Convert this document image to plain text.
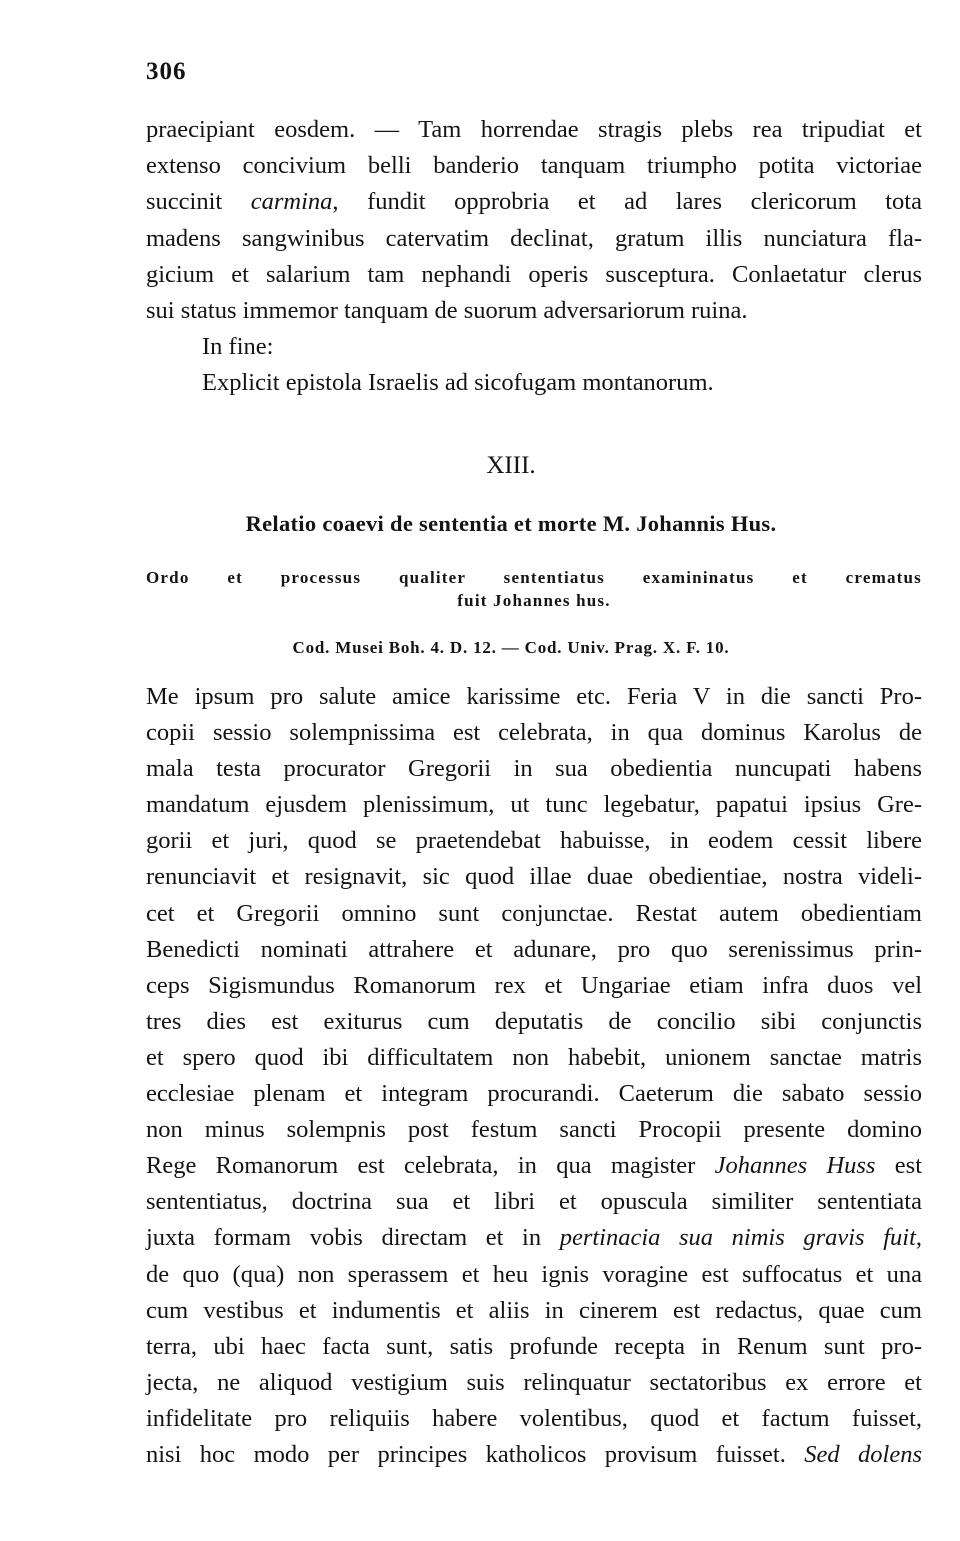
306
praecipiant eosdem. — Tam horrendae stragis plebs rea tripudiat et
extenso concivium belli banderio tanquam triumpho potita victoriae
succinit carmina, fundit opprobria et ad lares clericorum tota
madens sangwinibus catervatim declinat, gratum illis nunciatura fla-
gicium et salarium tam nephandi operis susceptura. Conlaetatur clerus
sui status immemor tanquam de suorum adversariorum ruina.
In fine:
Explicit epistola Israelis ad sicofugam montanorum.
XIII.
Relatio coaevi de sententia et morte M. Johannis Hus.
Cod. Musei Boh. 4. D. 12. — Cod. Univ. Prag. X. F. 10.
Ordo et processus qualiter sententiatus examininatus et crematus
fuit Johannes hus.
Me ipsum pro salute amice karissime etc. Feria V in die sancti Pro-
copii sessio solempnissima est celebrata, in qua dominus Karolus de
mala testa procurator Gregorii in sua obedientia nuncupati habens
mandatum ejusdem plenissimum, ut tunc legebatur, papatui ipsius Gre-
gorii et juri, quod se praetendebat habuisse, in eodem cessit libere
renunciavit et resignavit, sic quod illae duae obedientiae, nostra videli-
cet et Gregorii omnino sunt conjunctae. Restat autem obedientiam
Benedicti nominati attrahere et adunare, pro quo serenissimus prin-
ceps Sigismundus Romanorum rex et Ungariae etiam infra duos vel
tres dies est exiturus cum deputatis de concilio sibi conjunctis
et spero quod ibi difficultatem non habebit, unionem sanctae matris
ecclesiae plenam et integram procurandi. Caeterum die sabato sessio
non minus solempnis post festum sancti Procopii presente domino
Rege Romanorum est celebrata, in qua magister Johannes Huss est
sententiatus, doctrina sua et libri et opuscula similiter sententiata
juxta formam vobis directam et in pertinacia sua nimis gravis fuit,
de quo (qua) non sperassem et heu ignis voragine est suffocatus et una
cum vestibus et indumentis et aliis in cinerem est redactus, quae cum
terra, ubi haec facta sunt, satis profunde recepta in Renum sunt pro-
jecta, ne aliquod vestigium suis relinquatur sectatoribus ex errore et
infidelitate pro reliquiis habere volentibus, quod et factum fuisset,
nisi hoc modo per principes katholicos provisum fuisset. Sed dolens
